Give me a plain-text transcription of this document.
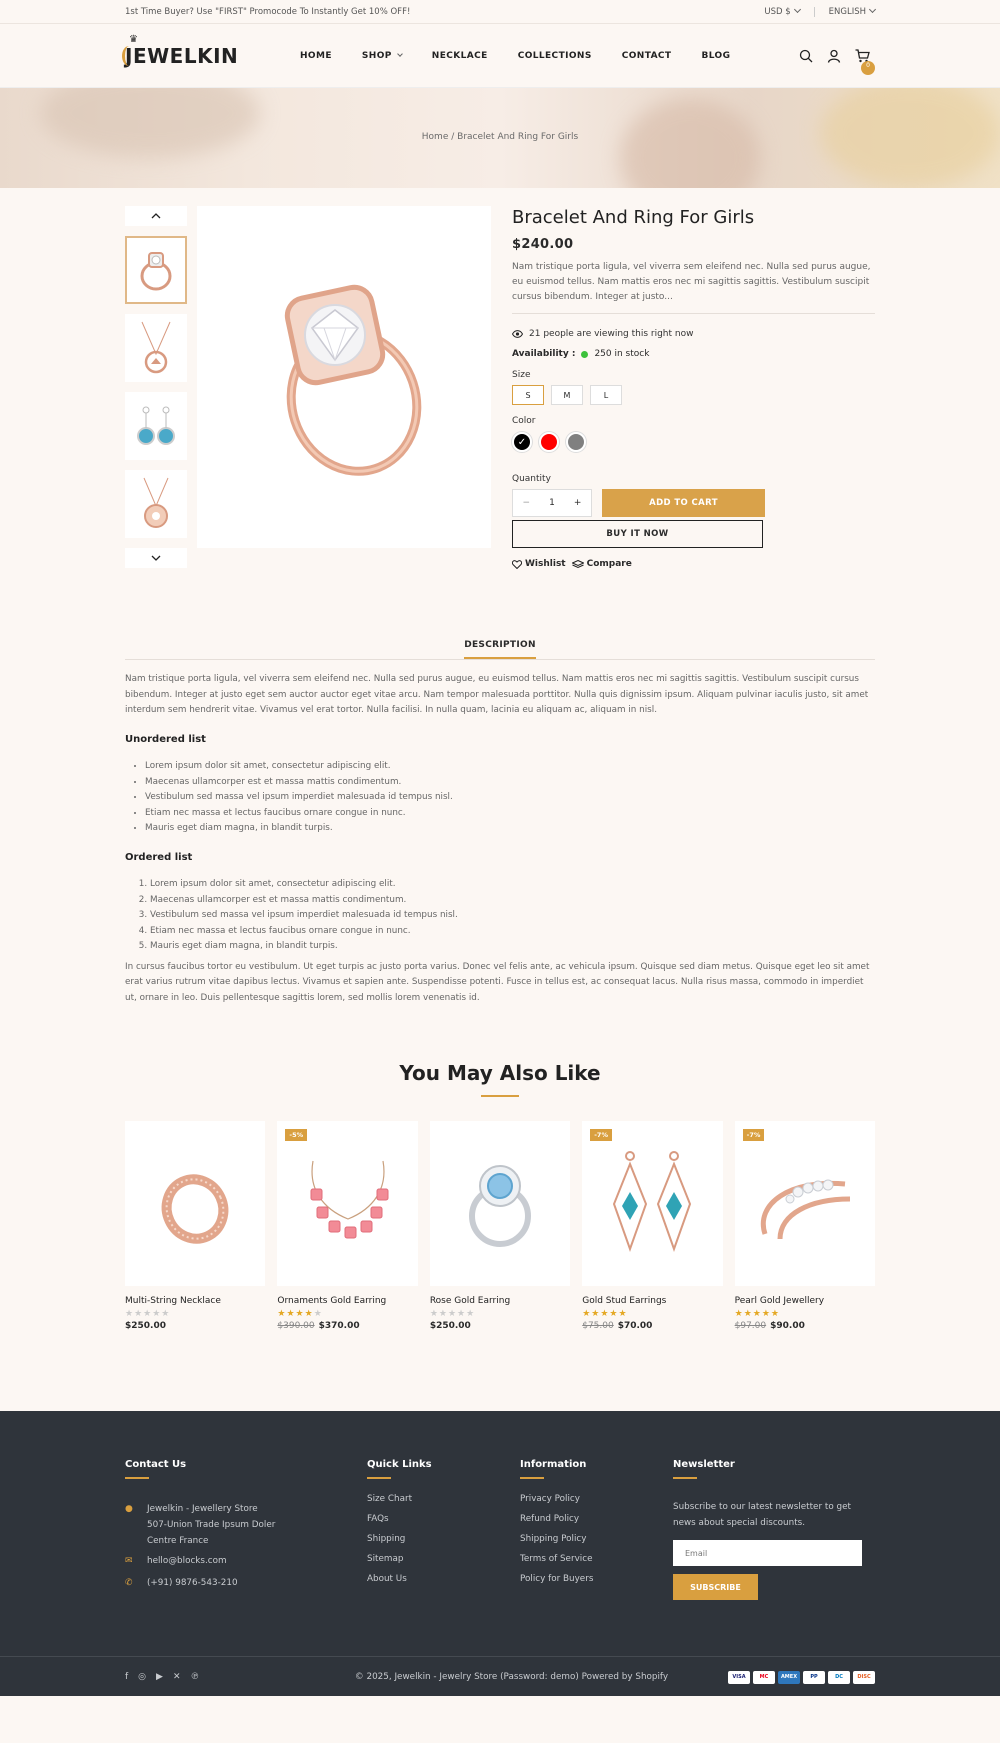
1st Time Buyer? Use "FIRST" Promocode To Instantly Get 10% OFF!	USD $	ENGLISH
♛
JEWELKIN	HOME	SHOP	NECKLACE	COLLECTIONS	CONTACT	BLOG
0
Home / Bracelet And Ring For Girls
Bracelet And Ring For Girls
$240.00

Nam tristique porta ligula, vel viverra sem eleifend nec. Nulla sed purus augue, eu euismod tellus. Nam mattis eros nec mi sagittis sagittis. Vestibulum suscipit cursus bibendum. Integer at justo...

21 people are viewing this right now
Availability : 250 in stock
Size
S	M	L
Color
✓
Quantity
− 1 +	ADD TO CART
BUY IT NOW
Wishlist Compare
DESCRIPTION

Nam tristique porta ligula, vel viverra sem eleifend nec. Nulla sed purus augue, eu euismod tellus. Nam mattis eros nec mi sagittis sagittis. Vestibulum suscipit cursus bibendum. Integer at justo eget sem auctor auctor eget vitae arcu. Nam tempor malesuada porttitor. Nulla quis dignissim ipsum. Aliquam pulvinar iaculis justo, sit amet interdum sem hendrerit vitae. Vivamus vel erat tortor. Nulla facilisi. In nulla quam, lacinia eu aliquam ac, aliquam in nisl.

Unordered list
• Lorem ipsum dolor sit amet, consectetur adipiscing elit.
• Maecenas ullamcorper est et massa mattis condimentum.
• Vestibulum sed massa vel ipsum imperdiet malesuada id tempus nisl.
• Etiam nec massa et lectus faucibus ornare congue in nunc.
• Mauris eget diam magna, in blandit turpis.
Ordered list
1. Lorem ipsum dolor sit amet, consectetur adipiscing elit.
2. Maecenas ullamcorper est et massa mattis condimentum.
3. Vestibulum sed massa vel ipsum imperdiet malesuada id tempus nisl.
4. Etiam nec massa et lectus faucibus ornare congue in nunc.
5. Mauris eget diam magna, in blandit turpis.

In cursus faucibus tortor eu vestibulum. Ut eget turpis ac justo porta varius. Donec vel felis ante, ac vehicula ipsum. Quisque sed diam metus. Quisque eget leo sit amet erat varius rutrum vitae dapibus lectus. Vivamus et sapien ante. Suspendisse potenti. Fusce in tellus est, ac consequat lacus. Nulla risus massa, commodo in imperdiet ut, ornare in leo. Duis pellentesque sagittis lorem, sed mollis lorem venenatis id.

You May Also Like
Multi-String Necklace
★★★★★
$250.00
-5%
Ornaments Gold Earring
★★★★★
$390.00 $370.00
Rose Gold Earring
★★★★★
$250.00
-7%
Gold Stud Earrings
★★★★★
$75.00 $70.00
-7%
Pearl Gold Jewellery
★★★★★
$97.00 $90.00
Contact Us
●	Jewelkin - Jewellery Store
507-Union Trade Ipsum Doler
Centre France
✉	hello@blocks.com
✆	(+91) 9876-543-210
Quick Links
Size Chart
FAQs
Shipping
Sitemap
About Us
Information
Privacy Policy
Refund Policy
Shipping Policy
Terms of Service
Policy for Buyers
Newsletter
Subscribe to our latest newsletter to get news about special discounts.
Email
SUBSCRIBE
f ◎ ▶ ✕ ℗	© 2025, Jewelkin - Jewelry Store (Password: demo) Powered by Shopify	VISA	MC	AMEX	PP	DC	DISC
